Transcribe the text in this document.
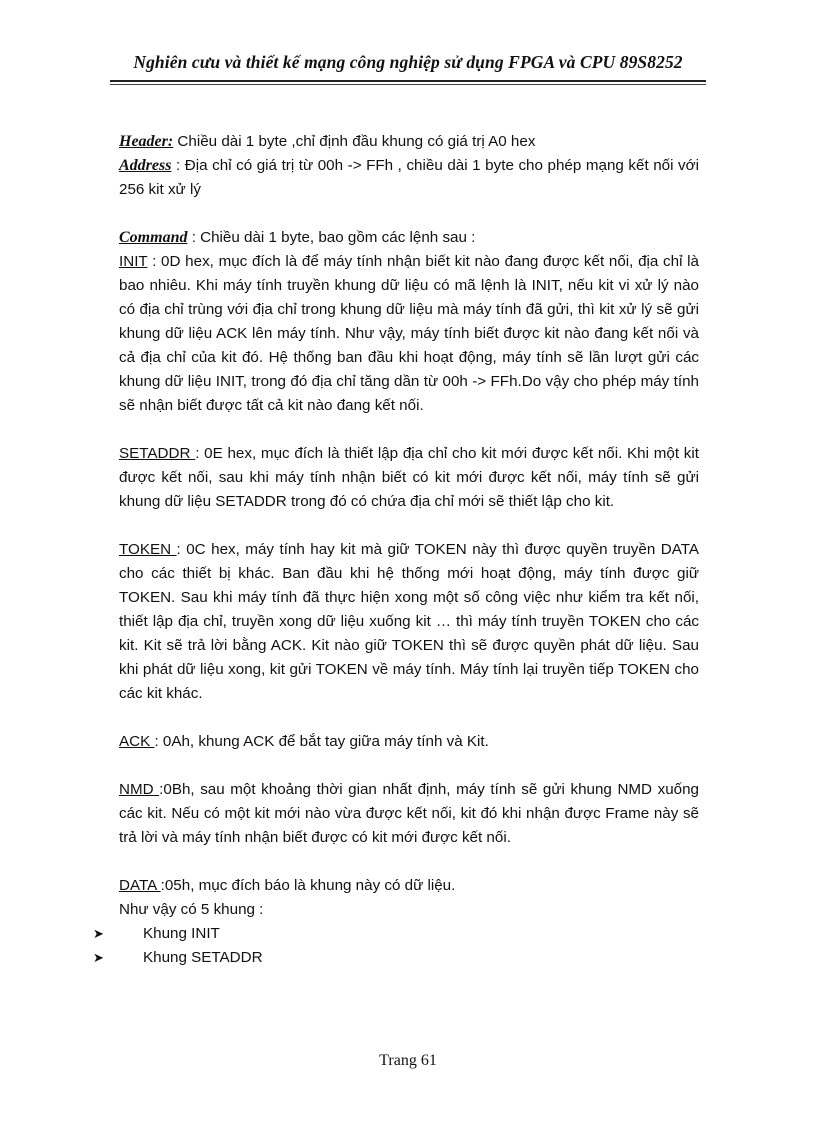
Nghiên cưu và thiết kế mạng công nghiệp sử dụng FPGA và CPU 89S8252

Header: Chiều dài 1 byte ,chỉ định đầu khung có giá trị A0 hex

Address : Địa chỉ có giá trị từ 00h -> FFh , chiều dài 1 byte cho phép mạng kết nối với 256 kit xử lý

Command : Chiều dài 1 byte, bao gồm các lệnh sau :

INIT : 0D hex, mục đích là để máy tính nhận biết kit nào đang được kết nối, địa chỉ là bao nhiêu. Khi máy tính truyền khung dữ liệu có mã lệnh là INIT, nếu kit vi xử lý nào có địa chỉ trùng với địa chỉ trong khung dữ liệu mà máy tính đã gửi, thì kit xử lý sẽ gửi khung dữ liệu ACK lên máy tính. Như vậy, máy tính biết được kit nào đang kết nối và cả địa chỉ của kit đó. Hệ thống ban đầu khi hoạt động, máy tính sẽ lần lượt gửi các khung dữ liệu INIT, trong đó địa chỉ tăng dần từ 00h -> FFh.Do vậy cho phép máy tính sẽ nhận biết được tất cả kit nào đang kết nối.

SETADDR : 0E hex, mục đích là thiết lập địa chỉ cho kit mới được kết nối. Khi một kit được kết nối, sau khi máy tính nhận biết có kit mới được kết nối, máy tính sẽ gửi khung dữ liệu SETADDR trong đó có chứa địa chỉ mới sẽ thiết lập cho kit.

TOKEN : 0C hex, máy tính hay kit mà giữ TOKEN này thì được quyền truyền DATA cho các thiết bị khác. Ban đầu khi hệ thống mới hoạt động, máy tính được giữ TOKEN. Sau khi máy tính đã thực hiện xong một số công việc như kiểm tra kết nối, thiết lập địa chỉ, truyền xong dữ liệu xuống kit … thì máy tính truyền TOKEN cho các kit. Kit sẽ trả lời bằng ACK. Kit nào giữ TOKEN thì sẽ được quyền phát dữ liệu. Sau khi phát dữ liệu xong, kit gửi TOKEN về máy tính. Máy tính lại truyền tiếp TOKEN cho các kit khác.

ACK : 0Ah, khung ACK để bắt tay giữa máy tính và Kit.

NMD :0Bh, sau một khoảng thời gian nhất định, máy tính sẽ gửi khung NMD xuống các kit. Nếu có một kit mới nào vừa được kết nối, kit đó khi nhận được Frame này sẽ trả lời và máy tính nhận biết được có kit mới được kết nối.

DATA :05h, mục đích báo là khung này có dữ liệu.

Như vậy có 5 khung :

➤	Khung INIT
➤	Khung SETADDR
Trang 61
